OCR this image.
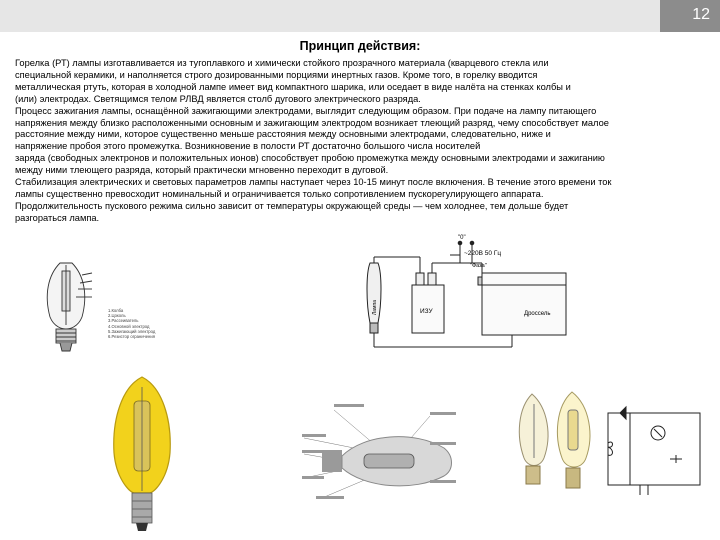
12
Принцип действия:
Горелка (РТ) лампы изготавливается из тугоплавкого и химически стойкого прозрачного материала (кварцевого стекла или
специальной керамики, и наполняется строго дозированными порциями инертных газов. Кроме того, в горелку вводится
металлическая ртуть, которая в холодной лампе имеет вид компактного шарика, или оседает в виде налёта на стенках колбы и
(или) электродах. Светящимся телом РЛВД является столб дугового электрического разряда.
Процесс зажигания лампы, оснащённой зажигающими электродами, выглядит следующим образом. При подаче на лампу питающего
напряжения между близко расположенными основным и зажигающим электродом возникает тлеющий разряд, чему способствует малое
расстояние между ними, которое существенно меньше расстояния между основными электродами, следовательно, ниже и
напряжение пробоя этого промежутка. Возникновение в полости РТ достаточно большого числа носителей
заряда (свободных электронов и положительных ионов) способствует пробою промежутка между основными электродами и зажиганию
между ними тлеющего разряда, который практически мгновенно переходит в дуговой.
Стабилизация электрических и световых параметров лампы наступает через 10-15 минут после включения. В течение этого времени ток
лампы существенно превосходит номинальный и ограничивается только сопротивлением пускорегулирующего аппарата.
Продолжительность пускового режима сильно зависит от температуры окружающей среды — чем холоднее, тем дольше будет
разгораться лампа.
1.Колба
2.Цоколь
3.Рассеиватель
4.Основной электрод
5.Зажигающий электрод
6.Резистор ограничения
"0"
~220В 50 Гц
"Фаза"
Лампа	ИЗУ	Дроссель
